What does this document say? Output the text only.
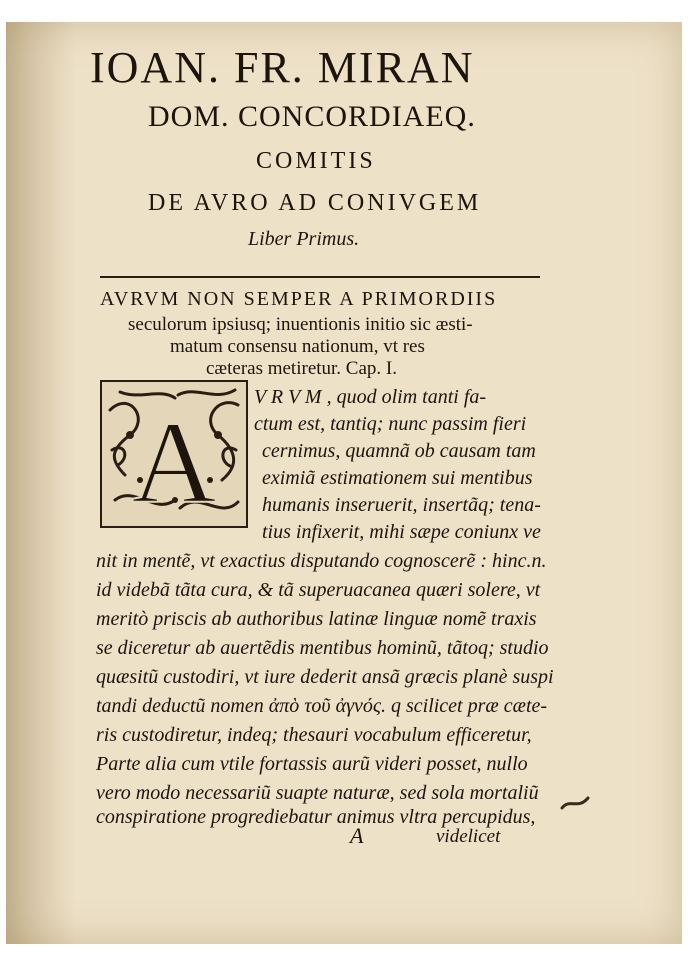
IOAN. FR. MIRAN
DOM. CONCORDIAEQ.
COMITIS
DE AVRO AD CONIVGEM
Liber Primus.
AVRVM NON SEMPER A PRIMORDIIS
seculorum ipsiusq; inuentionis initio sic æsti-
matum consensu nationum, vt res
cæteras metiretur. Cap. I.
A V R V M , quod olim tanti fa-
ctum est, tantiq; nunc passim fieri
cernimus, quamnã ob causam tam
eximiã estimationem sui mentibus
humanis inseruerit, insertãq; tena-
tius infixerit, mihi sæpe coniunx ve
nit in mentẽ, vt exactius disputando cognoscerẽ : hinc.n.
id videbã tãta cura, & tã superuacanea quæri solere, vt
meritò priscis ab authoribus latinæ linguæ nomẽ traxis
se diceretur ab auertẽdis mentibus hominũ, tãtoq; studio
quæsitũ custodiri, vt iure dederit ansã græcis planè suspi
tandi deductũ nomen ἀπὸ τοῦ ἀγνός. q scilicet præ cæte-
ris custodiretur, indeq; thesauri vocabulum efficeretur,
Parte alia cum vtile fortassis aurũ videri posset, nullo
vero modo necessariũ suapte naturæ, sed sola mortaliũ
conspiratione progrediebatur animus vltra percupidus,
A	videlicet
